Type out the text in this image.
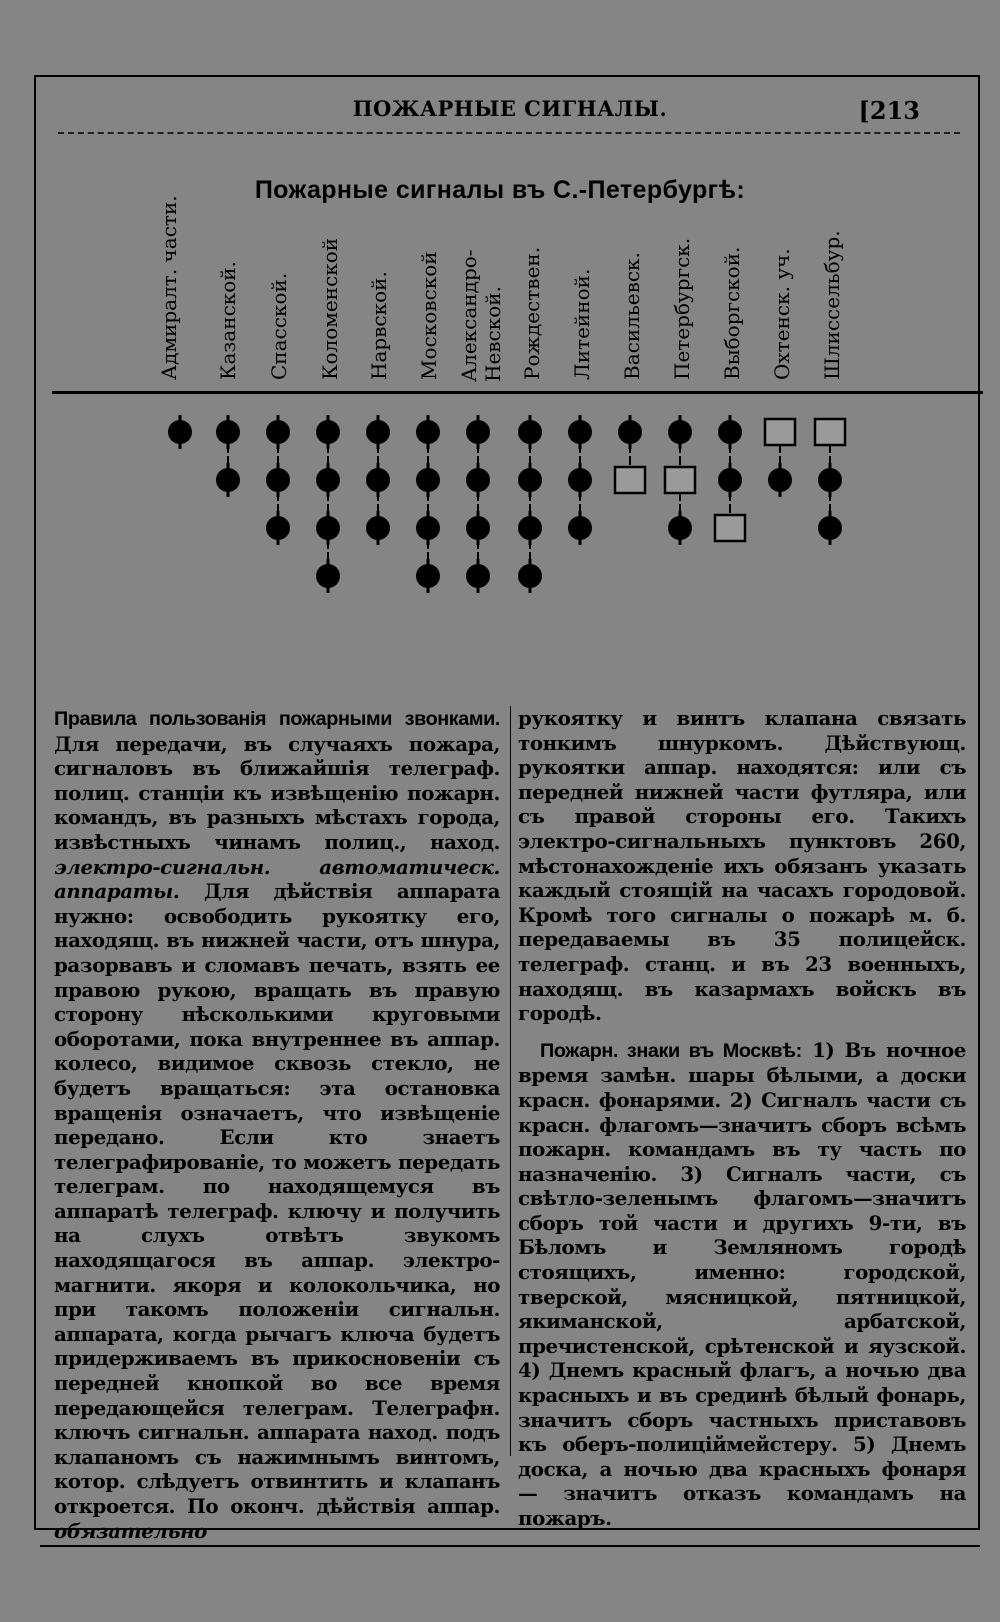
ПОЖАРНЫЕ СИГНАЛЫ.	[213
Пожарные сигналы въ С.-Петербургѣ:
Адмиралт. части. Казанской. Спасской. Коломенской Нарвской. Московской Александро-Невской. Рождествен. Литейной. Васильевск. Петербургск. Выборгской. Охтенск. уч. Шлиссельбур.

Правила пользованія пожарными звонками. Для передачи, въ случаяхъ пожара, сигналовъ въ ближайшія телеграф. полиц. станціи къ извѣщенію пожарн. командъ, въ разныхъ мѣстахъ города, извѣстныхъ чинамъ полиц., наход. электро-сигнальн. автоматическ. аппараты. Для дѣйствія аппарата нужно: освободить рукоятку его, находящ. въ нижней части, отъ шнура, разорвавъ и сломавъ печать, взять ее правою рукою, вращать въ правую сторону нѣсколькими круговыми оборотами, пока внутреннее въ аппар. колесо, видимое сквозь стекло, не будетъ вращаться: эта остановка вращенія означаетъ, что извѣщеніе передано. Если кто знаетъ телеграфированіе, то можетъ передать телеграм. по находящемуся въ аппаратѣ телеграф. ключу и получить на слухъ отвѣтъ звукомъ находящагося въ аппар. электро-магнити. якоря и колокольчика, но при такомъ положеніи сигнальн. аппарата, когда рычагъ ключа будетъ придерживаемъ въ прикосновеніи съ передней кнопкой во все время передающейся телеграм. Телеграфн. ключъ сигнальн. аппарата наход. подъ клапаномъ съ нажимнымъ винтомъ, котор. слѣдуетъ отвинтить и клапанъ откроется. По оконч. дѣйствія аппар. обязательно

рукоятку и винтъ клапана связать тонкимъ шнуркомъ. Дѣйствующ. рукоятки аппар. находятся: или съ передней нижней части футляра, или съ правой стороны его. Такихъ электро-сигнальныхъ пунктовъ 260, мѣстонахожденіе ихъ обязанъ указать каждый стоящій на часахъ городовой. Кромѣ того сигналы о пожарѣ м. б. передаваемы въ 35 полицейск. телеграф. станц. и въ 23 военныхъ, находящ. въ казармахъ войскъ въ городѣ.

Пожарн. знаки въ Москвѣ: 1) Въ ночное время замѣн. шары бѣлыми, а доски красн. фонарями. 2) Сигналъ части съ красн. флагомъ—значитъ сборъ всѣмъ пожарн. командамъ въ ту часть по назначенію. 3) Сигналъ части, съ свѣтло-зеленымъ флагомъ—значитъ сборъ той части и другихъ 9-ти, въ Бѣломъ и Земляномъ городѣ стоящихъ, именно: городской, тверской, мясницкой, пятницкой, якиманской, арбатской, пречистенской, срѣтенской и яузской. 4) Днемъ красный флагъ, а ночью два красныхъ и въ срединѣ бѣлый фонарь, значитъ сборъ частныхъ приставовъ къ оберъ-полицiймейстеру. 5) Днемъ доска, а ночью два красныхъ фонаря — значитъ отказъ командамъ на пожаръ.
